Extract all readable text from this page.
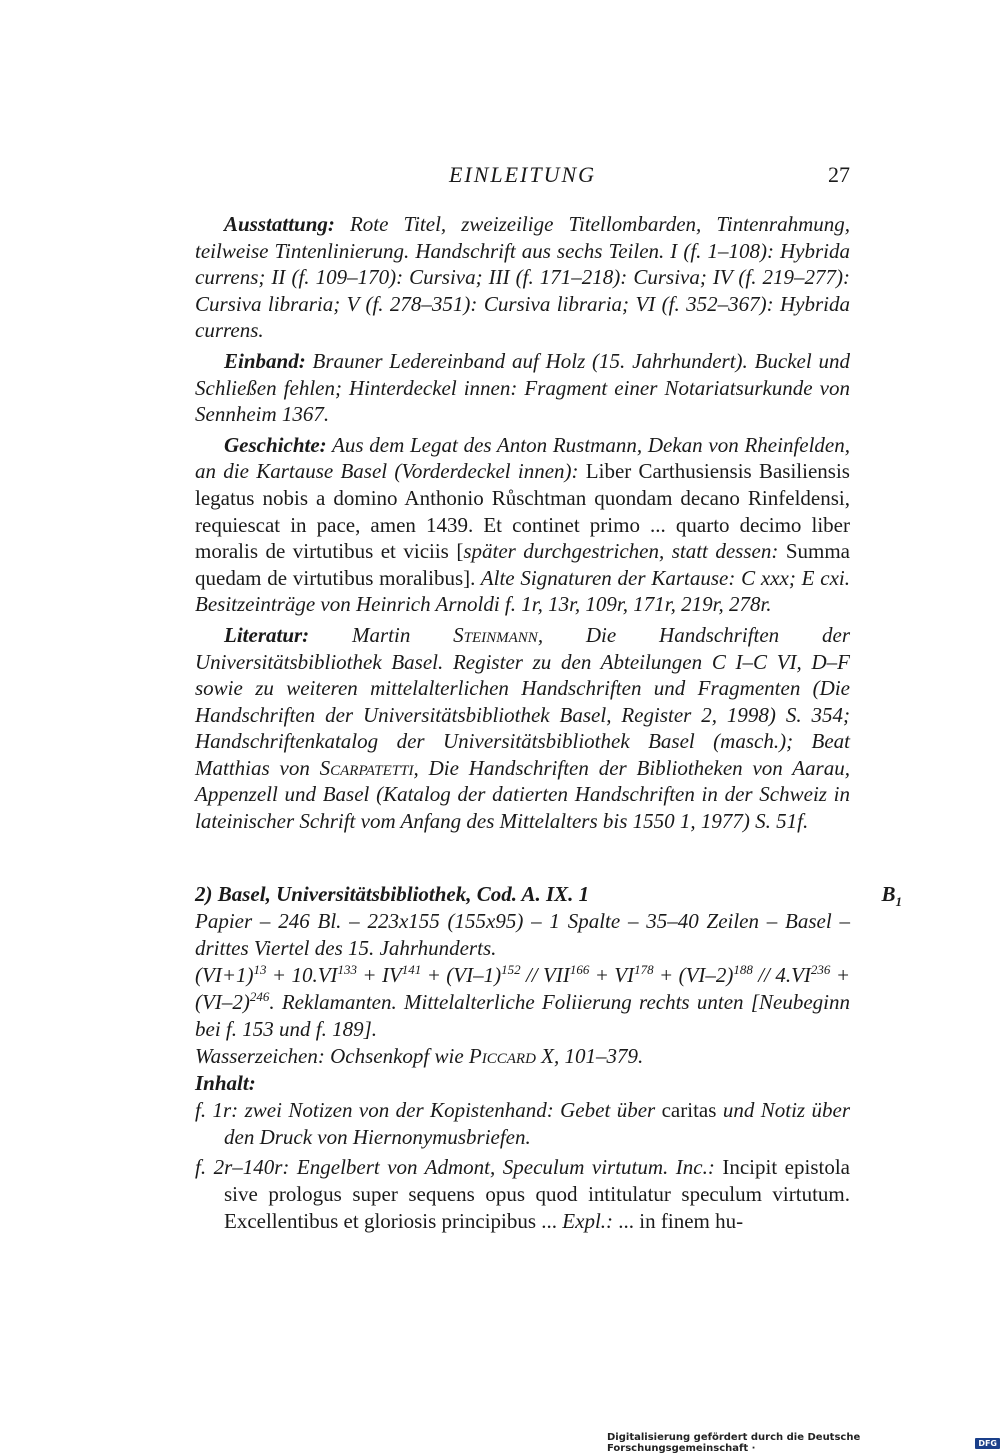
EINLEITUNG	27

Ausstattung: Rote Titel, zweizeilige Titellombarden, Tintenrahmung, teilweise Tintenlinierung. Handschrift aus sechs Teilen. I (f. 1–108): Hybrida currens; II (f. 109–170): Cursiva; III (f. 171–218): Cursiva; IV (f. 219–277): Cursiva libraria; V (f. 278–351): Cursiva libraria; VI (f. 352–367): Hybrida currens.

Einband: Brauner Ledereinband auf Holz (15. Jahrhundert). Buckel und Schließen fehlen; Hinterdeckel innen: Fragment einer Notariatsurkunde von Sennheim 1367.

Geschichte: Aus dem Legat des Anton Rustmann, Dekan von Rheinfelden, an die Kartause Basel (Vorderdeckel innen): Liber Carthusiensis Basiliensis legatus nobis a domino Anthonio Růschtman quondam decano Rinfeldensi, requiescat in pace, amen 1439. Et continet primo ... quarto decimo liber moralis de virtutibus et viciis [später durchgestrichen, statt dessen: Summa quedam de virtutibus moralibus]. Alte Signaturen der Kartause: C xxx; E cxi. Besitzeinträge von Heinrich Arnoldi f. 1r, 13r, 109r, 171r, 219r, 278r.

Literatur: Martin Steinmann, Die Handschriften der Universitätsbibliothek Basel. Register zu den Abteilungen C I–C VI, D–F sowie zu weiteren mittelalterlichen Handschriften und Fragmenten (Die Handschriften der Universitätsbibliothek Basel, Register 2, 1998) S. 354; Handschriftenkatalog der Universitätsbibliothek Basel (masch.); Beat Matthias von Scarpatetti, Die Handschriften der Bibliotheken von Aarau, Appenzell und Basel (Katalog der datierten Handschriften in der Schweiz in lateinischer Schrift vom Anfang des Mittelalters bis 1550 1, 1977) S. 51f.

2) Basel, Universitätsbibliothek, Cod. A. IX. 1	$B_1$
Papier – 246 Bl. – 223x155 (155x95) – 1 Spalte – 35–40 Zeilen – Basel – drittes Viertel des 15. Jahrhunderts.
$(VI+1)^{13} + 10.VI^{133} + IV^{141} + (VI-1)^{152} // VII^{166} + VI^{178} + (VI-2)^{188} // 4.VI^{236} + (VI-2)^{246}$. Reklamanten. Mittelalterliche Foliierung rechts unten [Neubeginn bei f. 153 und f. 189].
Wasserzeichen: Ochsenkopf wie Piccard X, 101–379.
Inhalt:
f. 1r: zwei Notizen von der Kopistenhand: Gebet über caritas und Notiz über den Druck von Hiernonymusbriefen.
f. 2r–140r: Engelbert von Admont, Speculum virtutum. Inc.: Incipit epistola sive prologus super sequens opus quod intitulatur speculum virtutum. Excellentibus et gloriosis principibus ... Expl.: ... in finem hu-
Digitalisierung gefördert durch die Deutsche Forschungsgemeinschaft ·	DFG
